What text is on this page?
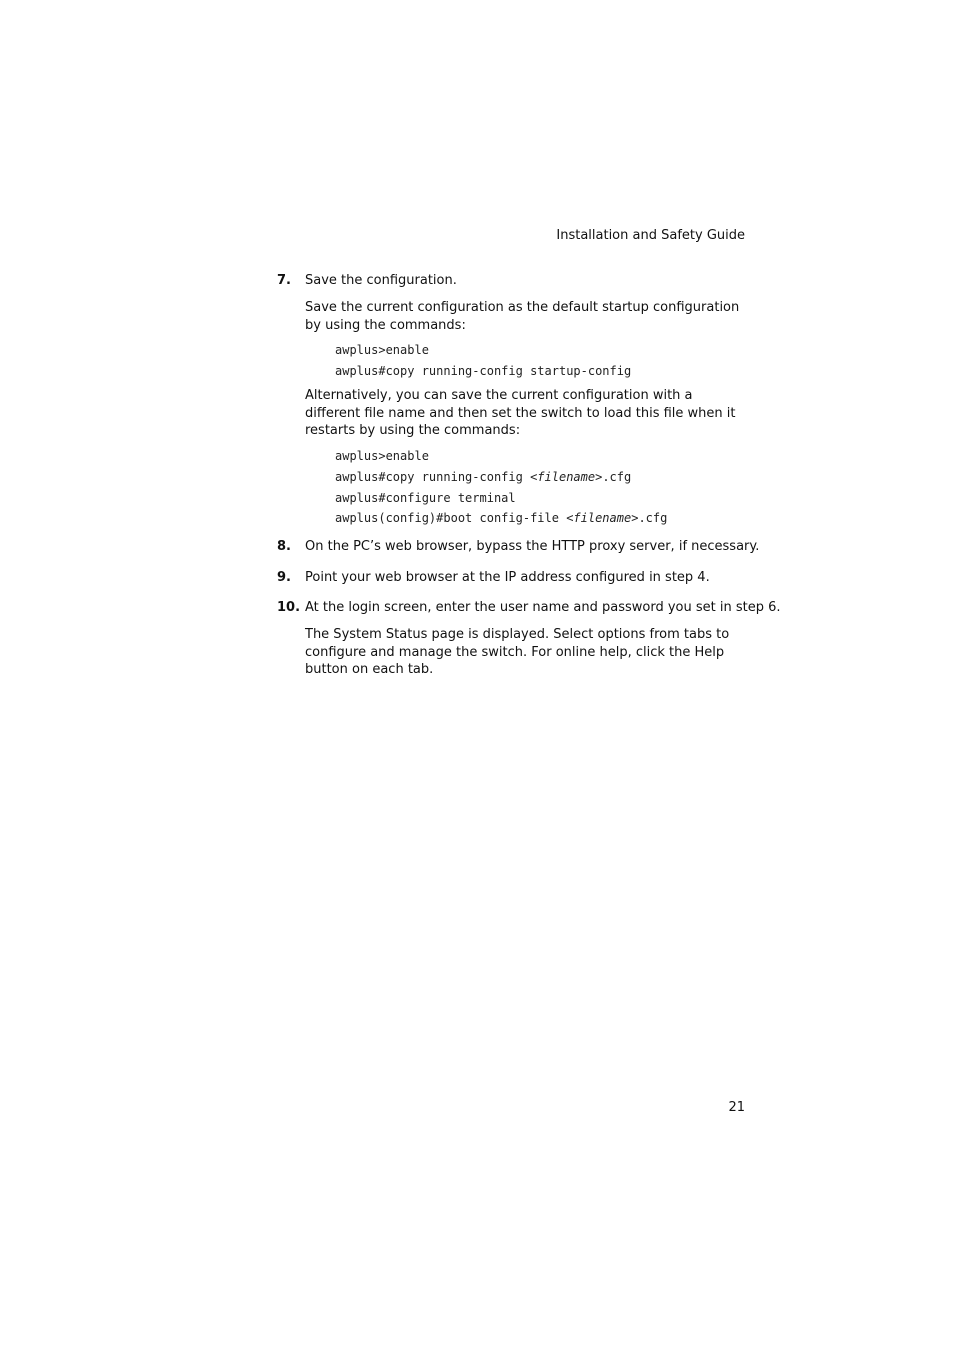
Installation and Safety Guide
7. Save the configuration.
Save the current configuration as the default startup configuration by using the commands:
awplus>enable
awplus#copy running-config startup-config
Alternatively, you can save the current configuration with a different file name and then set the switch to load this file when it restarts by using the commands:
awplus>enable
awplus#copy running-config <filename>.cfg
awplus#configure terminal
awplus(config)#boot config-file <filename>.cfg
8. On the PC’s web browser, bypass the HTTP proxy server, if necessary.
9. Point your web browser at the IP address configured in step 4.
10. At the login screen, enter the user name and password you set in step 6.
The System Status page is displayed. Select options from tabs to configure and manage the switch. For online help, click the Help button on each tab.
21
